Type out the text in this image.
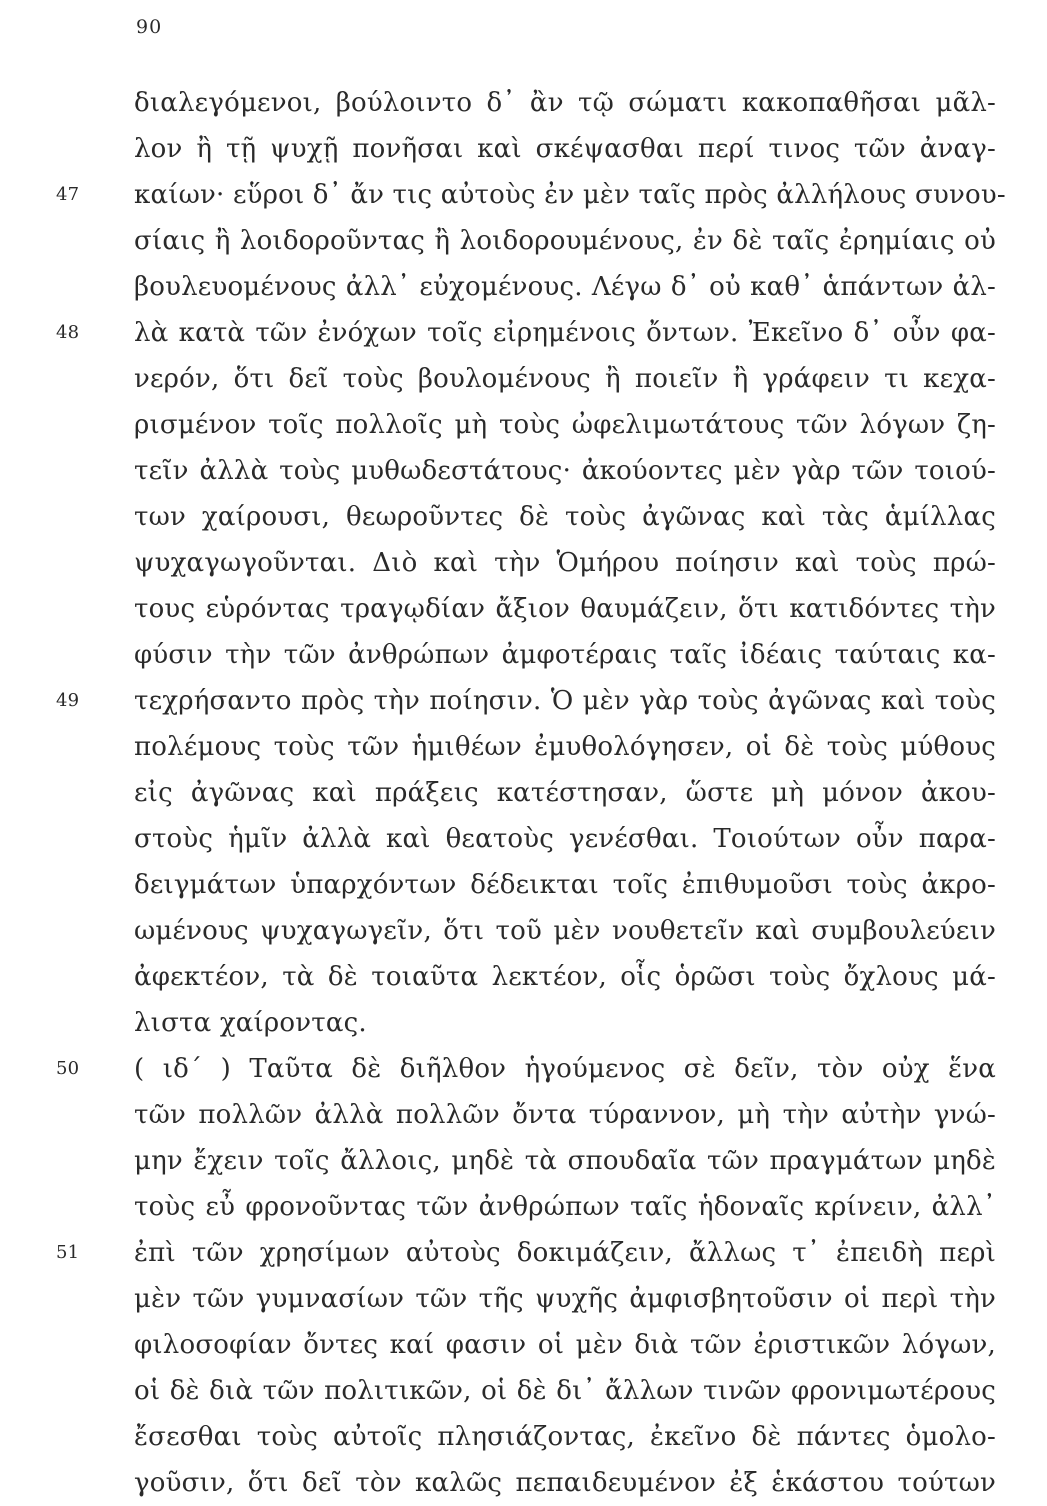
90
διαλεγόμενοι, βούλοιντο δ᾽ ἂν τῷ σώματι κακοπαθῆσαι μᾶλ-
λον ἢ τῇ ψυχῇ πονῆσαι καὶ σκέψασθαι περί τινος τῶν ἀναγ-
47	καίων· εὕροι δ᾽ ἄν τις αὐτοὺς ἐν μὲν ταῖς πρὸς ἀλλήλους συνου-
σίαις ἢ λοιδοροῦντας ἢ λοιδορουμένους, ἐν δὲ ταῖς ἐρημίαις οὐ
βουλευομένους ἀλλ᾽ εὐχομένους. Λέγω δ᾽ οὐ καθ᾽ ἁπάντων ἀλ-
48	λὰ κατὰ τῶν ἐνόχων τοῖς εἰρημένοις ὄντων. Ἐκεῖνο δ᾽ οὖν φα-
νερόν, ὅτι δεῖ τοὺς βουλομένους ἢ ποιεῖν ἢ γράφειν τι κεχα-
ρισμένον τοῖς πολλοῖς μὴ τοὺς ὠφελιμωτάτους τῶν λόγων ζη-
τεῖν ἀλλὰ τοὺς μυθωδεστάτους· ἀκούοντες μὲν γὰρ τῶν τοιού-
των χαίρουσι, θεωροῦντες δὲ τοὺς ἀγῶνας καὶ τὰς ἁμίλλας
ψυχαγωγοῦνται. Διὸ καὶ τὴν Ὁμήρου ποίησιν καὶ τοὺς πρώ-
τους εὑρόντας τραγῳδίαν ἄξιον θαυμάζειν, ὅτι κατιδόντες τὴν
φύσιν τὴν τῶν ἀνθρώπων ἀμφοτέραις ταῖς ἰδέαις ταύταις κα-
49	τεχρήσαντο πρὸς τὴν ποίησιν. Ὁ μὲν γὰρ τοὺς ἀγῶνας καὶ τοὺς
πολέμους τοὺς τῶν ἡμιθέων ἐμυθολόγησεν, οἱ δὲ τοὺς μύθους
εἰς ἀγῶνας καὶ πράξεις κατέστησαν, ὥστε μὴ μόνον ἀκου-
στοὺς ἡμῖν ἀλλὰ καὶ θεατοὺς γενέσθαι. Τοιούτων οὖν παρα-
δειγμάτων ὑπαρχόντων δέδεικται τοῖς ἐπιθυμοῦσι τοὺς ἀκρο-
ωμένους ψυχαγωγεῖν, ὅτι τοῦ μὲν νουθετεῖν καὶ συμβουλεύειν
ἀφεκτέον, τὰ δὲ τοιαῦτα λεκτέον, οἷς ὁρῶσι τοὺς ὄχλους μά-
λιστα χαίροντας.
50	( ιδ΄ ) Ταῦτα δὲ διῆλθον ἡγούμενος σὲ δεῖν, τὸν οὐχ ἕνα
τῶν πολλῶν ἀλλὰ πολλῶν ὄντα τύραννον, μὴ τὴν αὐτὴν γνώ-
μην ἔχειν τοῖς ἄλλοις, μηδὲ τὰ σπουδαῖα τῶν πραγμάτων μηδὲ
τοὺς εὖ φρονοῦντας τῶν ἀνθρώπων ταῖς ἡδοναῖς κρίνειν, ἀλλ᾽
51	ἐπὶ τῶν χρησίμων αὐτοὺς δοκιμάζειν, ἄλλως τ᾽ ἐπειδὴ περὶ
μὲν τῶν γυμνασίων τῶν τῆς ψυχῆς ἀμφισβητοῦσιν οἱ περὶ τὴν
φιλοσοφίαν ὄντες καί φασιν οἱ μὲν διὰ τῶν ἐριστικῶν λόγων,
οἱ δὲ διὰ τῶν πολιτικῶν, οἱ δὲ δι᾽ ἄλλων τινῶν φρονιμωτέρους
ἔσεσθαι τοὺς αὐτοῖς πλησιάζοντας, ἐκεῖνο δὲ πάντες ὁμολο-
γοῦσιν, ὅτι δεῖ τὸν καλῶς πεπαιδευμένον ἐξ ἑκάστου τούτων
